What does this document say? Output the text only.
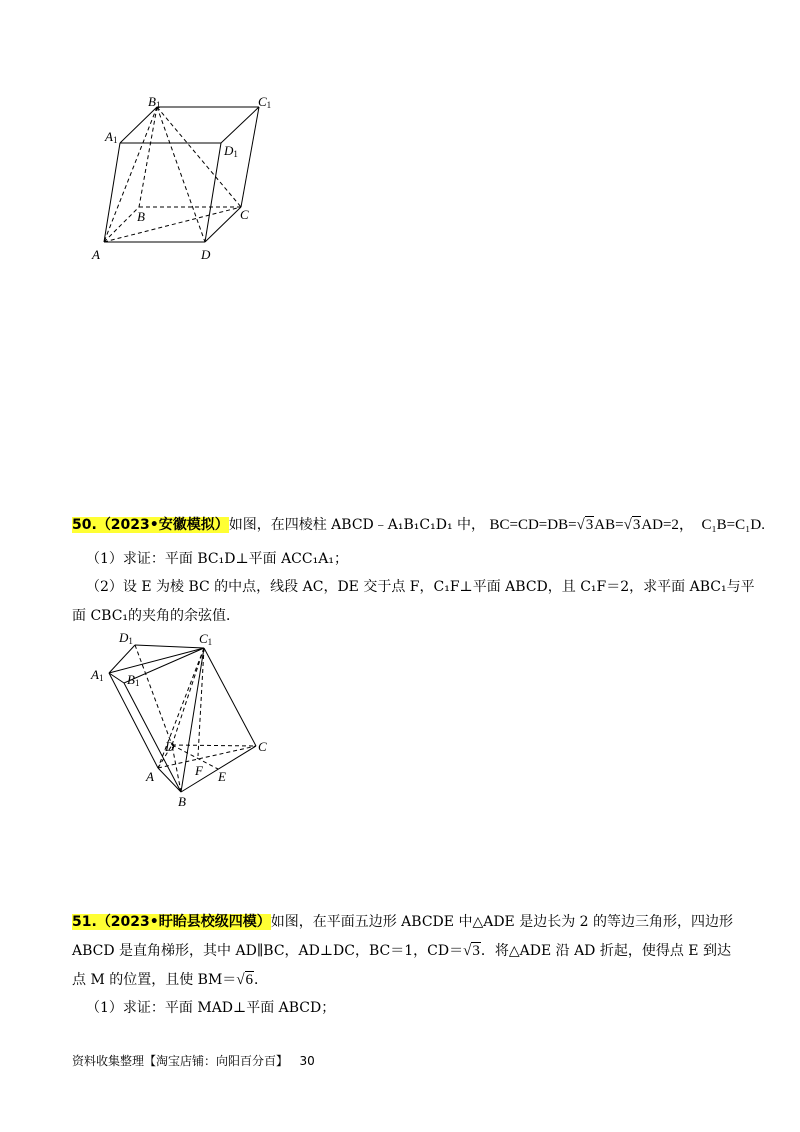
B1	C1
A1
D1
B	C
A	D
50.（2023•安徽模拟）如图，在四棱柱 ABCD﹣A₁B₁C₁D₁ 中， BC=CD=DB=√3AB=√3AD=2， C₁B=C₁D.
（1）求证：平面 BC₁D⊥平面 ACC₁A₁；
（2）设 E 为棱 BC 的中点，线段 AC，DE 交于点 F，C₁F⊥平面 ABCD，且 C₁F＝2，求平面 ABC₁与平
面 CBC₁的夹角的余弦值．
D1	C1
A1 B1
D	C
A	F E
B
51.（2023•盱眙县校级四模）如图，在平面五边形 ABCDE 中△ADE 是边长为 2 的等边三角形，四边形
ABCD 是直角梯形，其中 AD∥BC，AD⊥DC，BC＝1，CD＝√3．将△ADE 沿 AD 折起，使得点 E 到达
点 M 的位置，且使 BM＝√6．
（1）求证：平面 MAD⊥平面 ABCD；
资料收集整理【淘宝店铺：向阳百分百】 30
